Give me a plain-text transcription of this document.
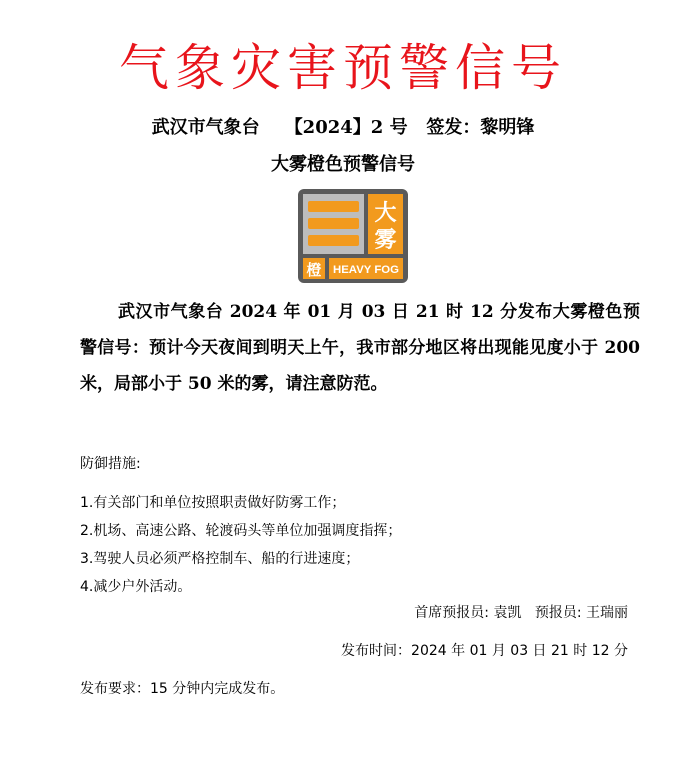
气象灾害预警信号
武汉市气象台 【2024】2 号 签发：黎明锋
大雾橙色预警信号
大
雾
橙 HEAVY FOG

武汉市气象台 2024 年 01 月 03 日 21 时 12 分发布大雾橙色预警信号：预计今天夜间到明天上午，我市部分地区将出现能见度小于 200 米，局部小于 50 米的雾，请注意防范。

防御措施:
1.有关部门和单位按照职责做好防雾工作；
2.机场、高速公路、轮渡码头等单位加强调度指挥；
3.驾驶人员必须严格控制车、船的行进速度；
4.减少户外活动。
首席预报员: 袁凯 预报员: 王瑞丽
发布时间：2024 年 01 月 03 日 21 时 12 分
发布要求：15 分钟内完成发布。
